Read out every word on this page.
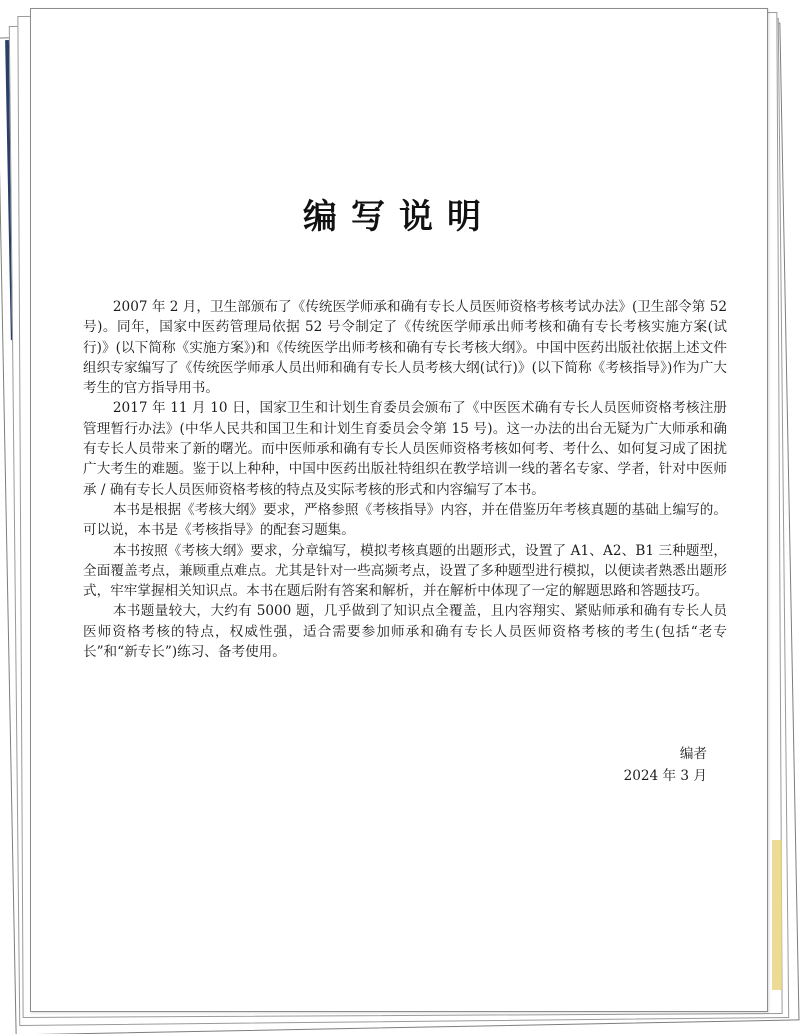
编写说明

2007 年 2 月，卫生部颁布了《传统医学师承和确有专长人员医师资格考核考试办法》(卫生部令第 52 号)。同年，国家中医药管理局依据 52 号令制定了《传统医学师承出师考核和确有专长考核实施方案(试行)》(以下简称《实施方案》)和《传统医学出师考核和确有专长考核大纲》。中国中医药出版社依据上述文件组织专家编写了《传统医学师承人员出师和确有专长人员考核大纲(试行)》(以下简称《考核指导》)作为广大考生的官方指导用书。

2017 年 11 月 10 日，国家卫生和计划生育委员会颁布了《中医医术确有专长人员医师资格考核注册管理暂行办法》(中华人民共和国卫生和计划生育委员会令第 15 号)。这一办法的出台无疑为广大师承和确有专长人员带来了新的曙光。而中医师承和确有专长人员医师资格考核如何考、考什么、如何复习成了困扰广大考生的难题。鉴于以上种种，中国中医药出版社特组织在教学培训一线的著名专家、学者，针对中医师承 / 确有专长人员医师资格考核的特点及实际考核的形式和内容编写了本书。

本书是根据《考核大纲》要求，严格参照《考核指导》内容，并在借鉴历年考核真题的基础上编写的。可以说，本书是《考核指导》的配套习题集。

本书按照《考核大纲》要求，分章编写，模拟考核真题的出题形式，设置了 A1、A2、B1 三种题型，全面覆盖考点，兼顾重点难点。尤其是针对一些高频考点，设置了多种题型进行模拟，以便读者熟悉出题形式，牢牢掌握相关知识点。本书在题后附有答案和解析，并在解析中体现了一定的解题思路和答题技巧。

本书题量较大，大约有 5000 题，几乎做到了知识点全覆盖，且内容翔实、紧贴师承和确有专长人员医师资格考核的特点，权威性强，适合需要参加师承和确有专长人员医师资格考核的考生(包括“老专长”和“新专长”)练习、备考使用。

编者
2024 年 3 月
